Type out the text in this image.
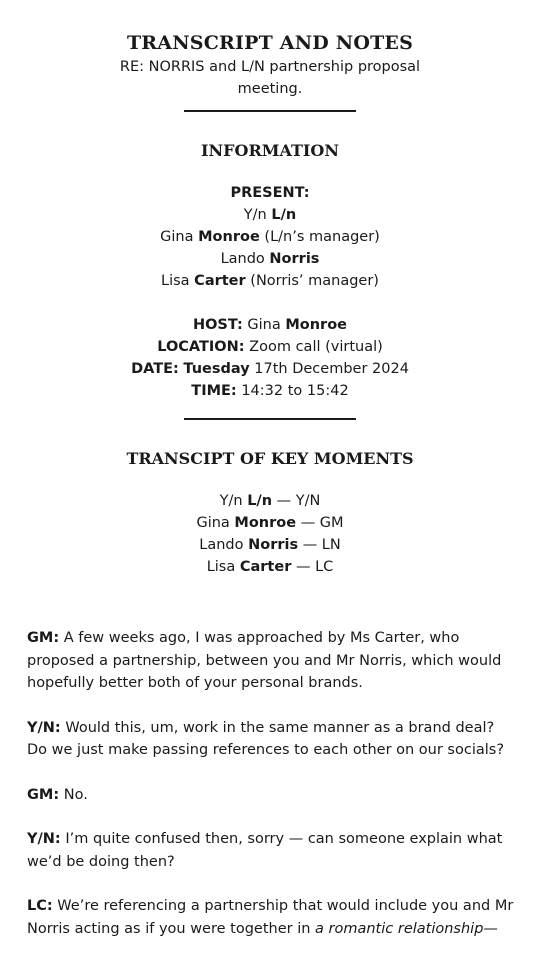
TRANSCRIPT AND NOTES
RE: NORRIS and L/N partnership proposal meeting.
INFORMATION
PRESENT:
Y/n L/n
Gina Monroe (L/n’s manager)
Lando Norris
Lisa Carter (Norris’ manager)
HOST: Gina Monroe
LOCATION: Zoom call (virtual)
DATE: Tuesday 17th December 2024
TIME: 14:32 to 15:42
TRANSCIPT OF KEY MOMENTS
Y/n L/n — Y/N
Gina Monroe — GM
Lando Norris — LN
Lisa Carter — LC

GM: A few weeks ago, I was approached by Ms Carter, who proposed a partnership, between you and Mr Norris, which would hopefully better both of your personal brands.

Y/N: Would this, um, work in the same manner as a brand deal? Do we just make passing references to each other on our socials?

GM: No.

Y/N: I’m quite confused then, sorry — can someone explain what we’d be doing then?

LC: We’re referencing a partnership that would include you and Mr Norris acting as if you were together in a romantic relationship—
